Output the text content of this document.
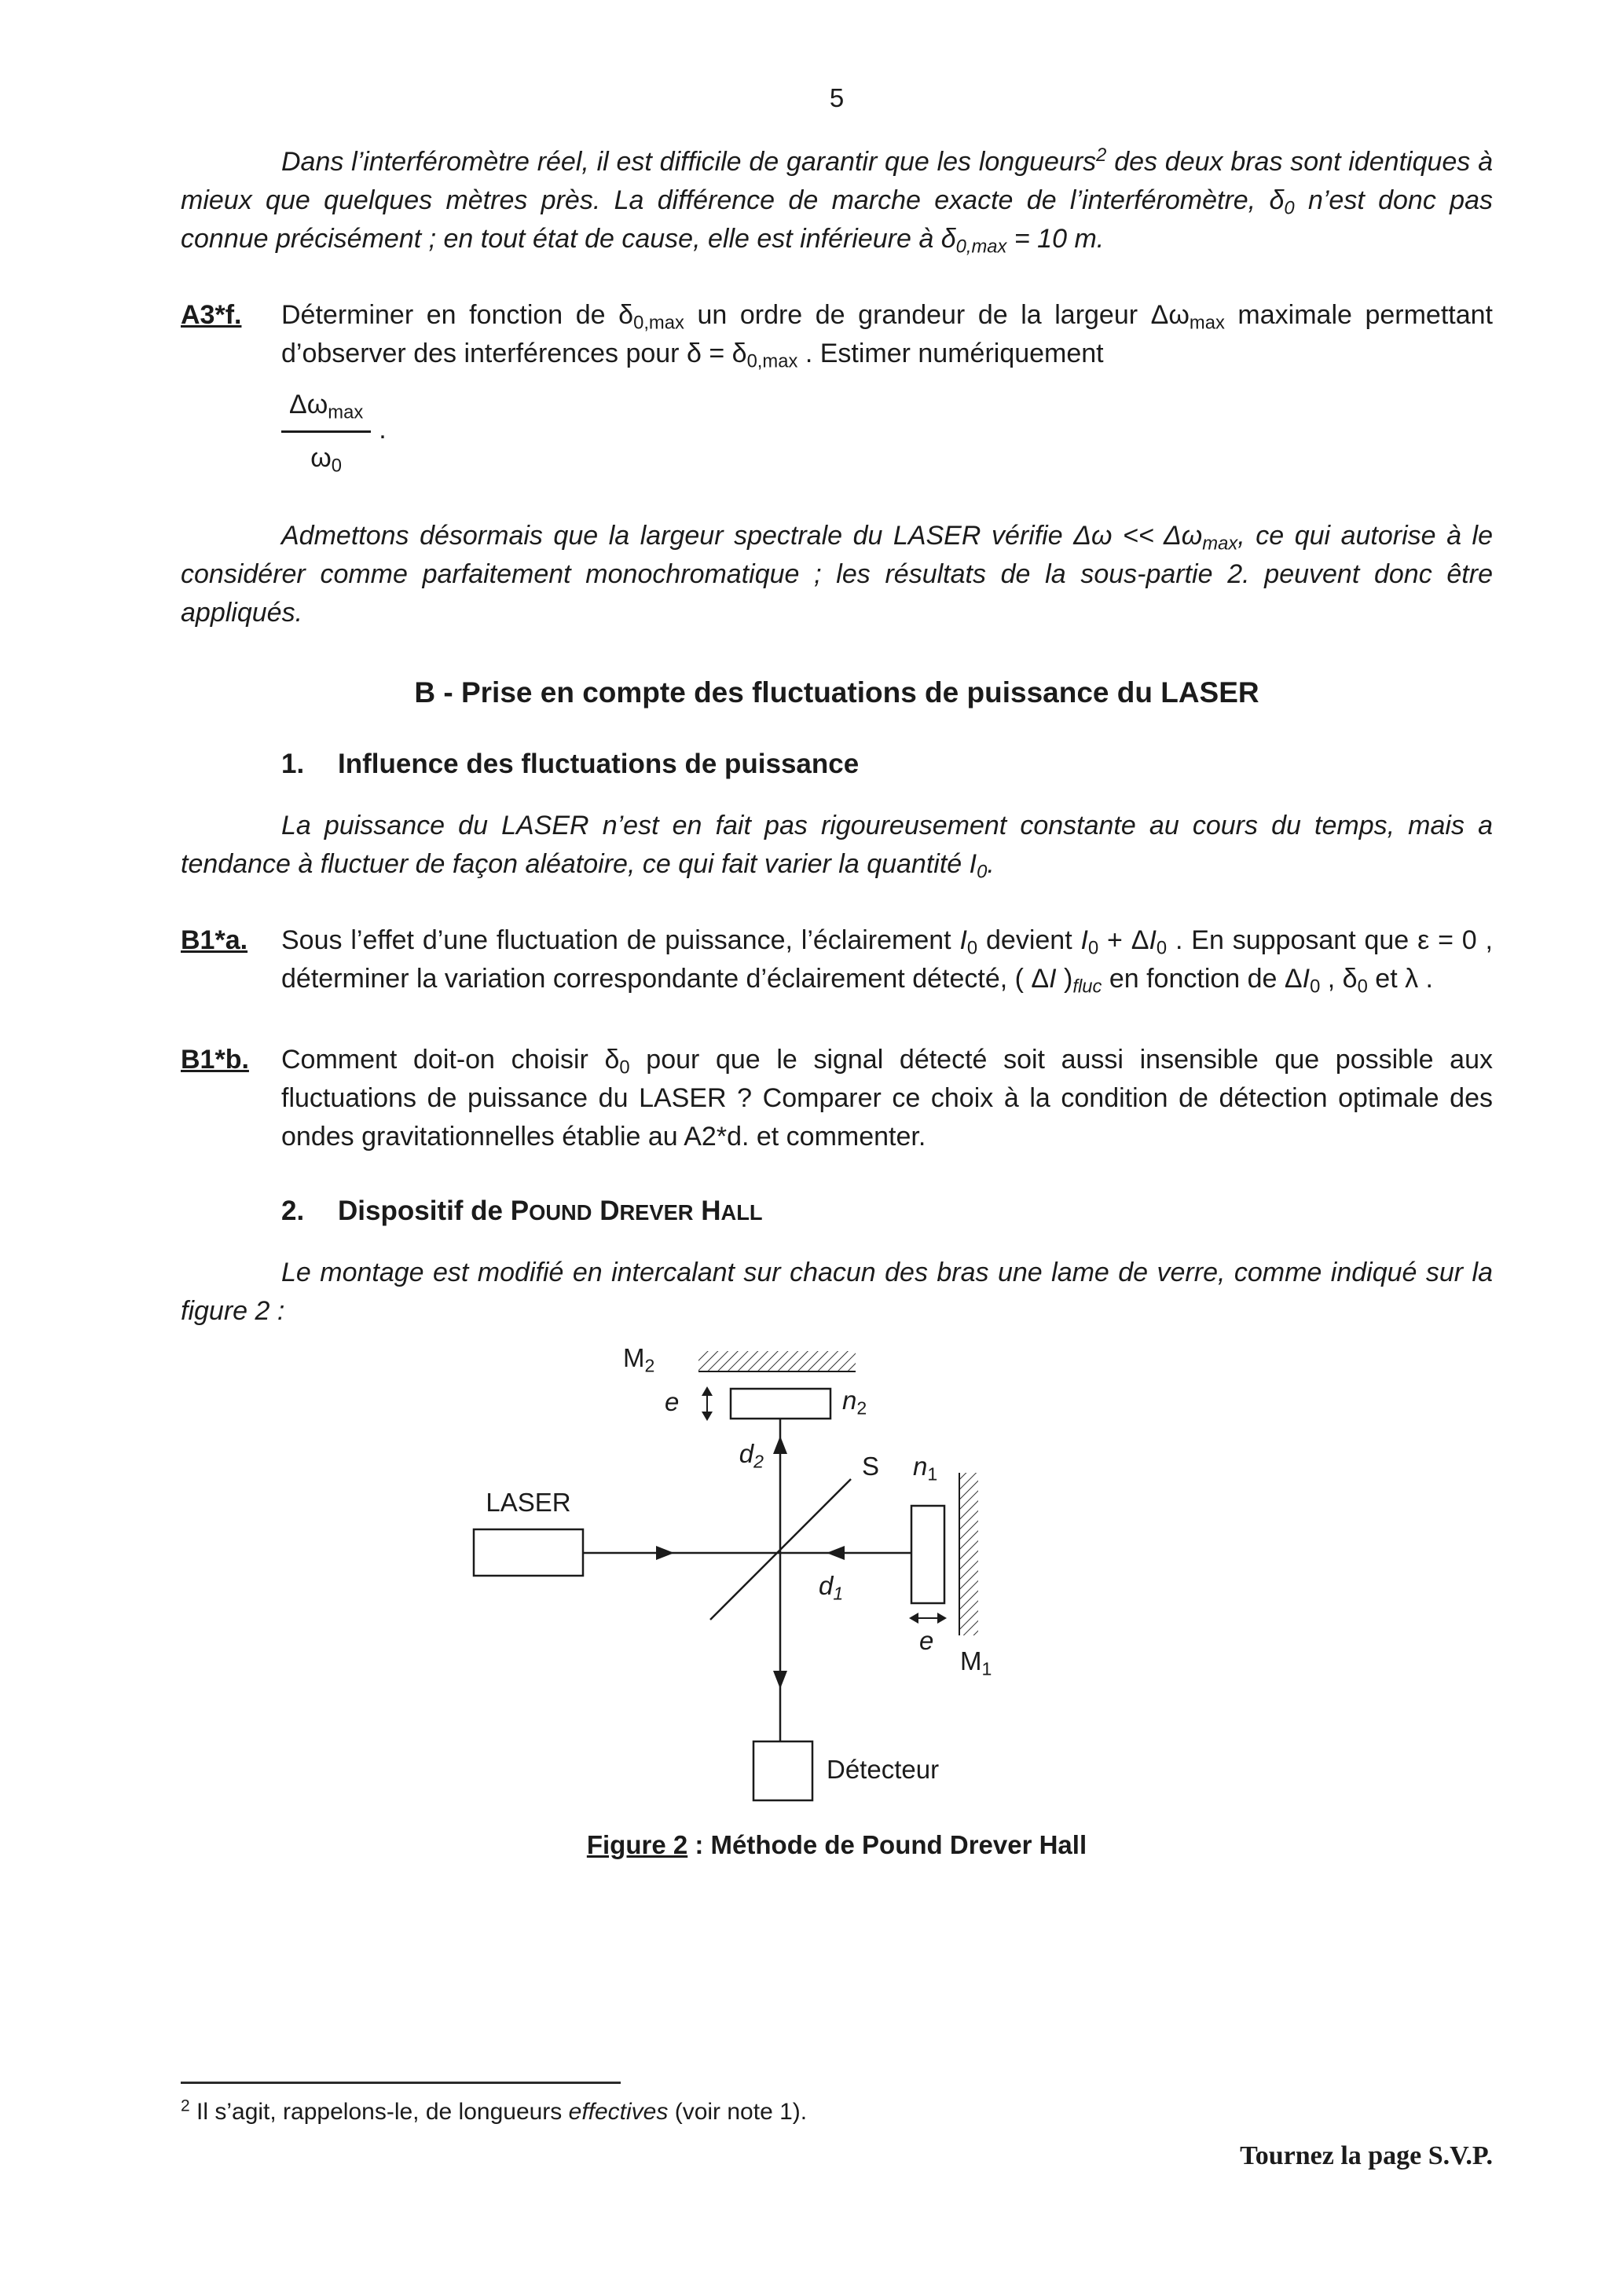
5

Dans l’interféromètre réel, il est difficile de garantir que les longueurs$^2$ des deux bras sont identiques à mieux que quelques mètres près. La différence de marche exacte de l’interféromètre, $\delta_0$ n’est donc pas connue précisément ; en tout état de cause, elle est inférieure à $\delta_{0,max} = 10$ m.

A3*f.	Déterminer en fonction de $\delta_{0,max}$ un ordre de grandeur de la largeur $\Delta\omega_{max}$ maximale permettant d’observer des interférences pour $\delta = \delta_{0,max}$ . Estimer numériquement

$\frac{\Delta\omega_{max}}{\omega_0}$ .

Admettons désormais que la largeur spectrale du LASER vérifie $\Delta\omega << \Delta\omega_{max}$, ce qui autorise à le considérer comme parfaitement monochromatique ; les résultats de la sous-partie 2. peuvent donc être appliqués.

B - Prise en compte des fluctuations de puissance du LASER
1.	Influence des fluctuations de puissance

La puissance du LASER n’est en fait pas rigoureusement constante au cours du temps, mais a tendance à fluctuer de façon aléatoire, ce qui fait varier la quantité $I_0$.

B1*a.	Sous l’effet d’une fluctuation de puissance, l’éclairement $I_0$ devient $I_0 + \Delta I_0$ . En supposant que ε = 0 , déterminer la variation correspondante d’éclairement détecté, ( ΔI )$_{fluc}$ en fonction de $\Delta I_0$ , $\delta_0$ et λ .

B1*b.	Comment doit-on choisir $\delta_0$ pour que le signal détecté soit aussi insensible que possible aux fluctuations de puissance du LASER ? Comparer ce choix à la condition de détection optimale des ondes gravitationnelles établie au A2*d. et commenter.

2.	Dispositif de POUND DREVER HALL

Le montage est modifié en intercalant sur chacun des bras une lame de verre, comme indiqué sur la figure 2 :

$M_2$
e	$n_2$
$d_2$	S
LASER
$n_1$
$d_1$
e
$M_1$
Détecteur
Figure 2 : Méthode de Pound Drever Hall
$^2$ Il s’agit, rappelons-le, de longueurs effectives (voir note 1).
Tournez la page S.V.P.
